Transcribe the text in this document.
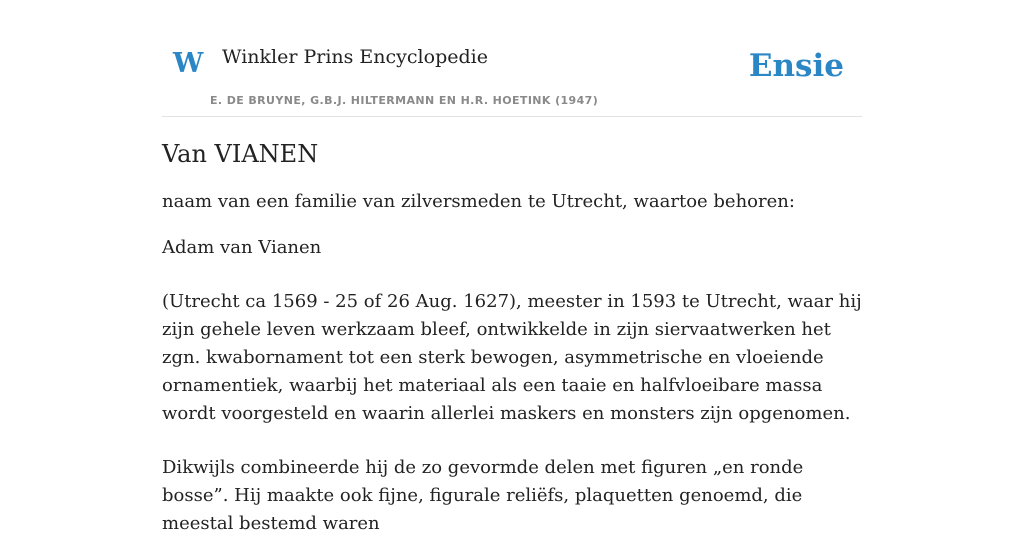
W Winkler Prins Encyclopedie
E. DE BRUYNE, G.B.J. HILTERMANN EN H.R. HOETINK (1947)
Ensie
Van VIANEN

naam van een familie van zilversmeden te Utrecht, waartoe behoren:

Adam van Vianen

(Utrecht ca 1569 - 25 of 26 Aug. 1627), meester in 1593 te Utrecht, waar hij zijn gehele leven werkzaam bleef, ontwikkelde in zijn siervaatwerken het zgn. kwabornament tot een sterk bewogen, asymmetrische en vloeiende ornamentiek, waarbij het materiaal als een taaie en halfvloeibare massa wordt voorgesteld en waarin allerlei maskers en monsters zijn opgenomen.

Dikwijls combineerde hij de zo gevormde delen met figuren „en ronde bosse”. Hij maakte ook fijne, figurale reliëfs, plaquetten genoemd, die meestal bestemd waren
